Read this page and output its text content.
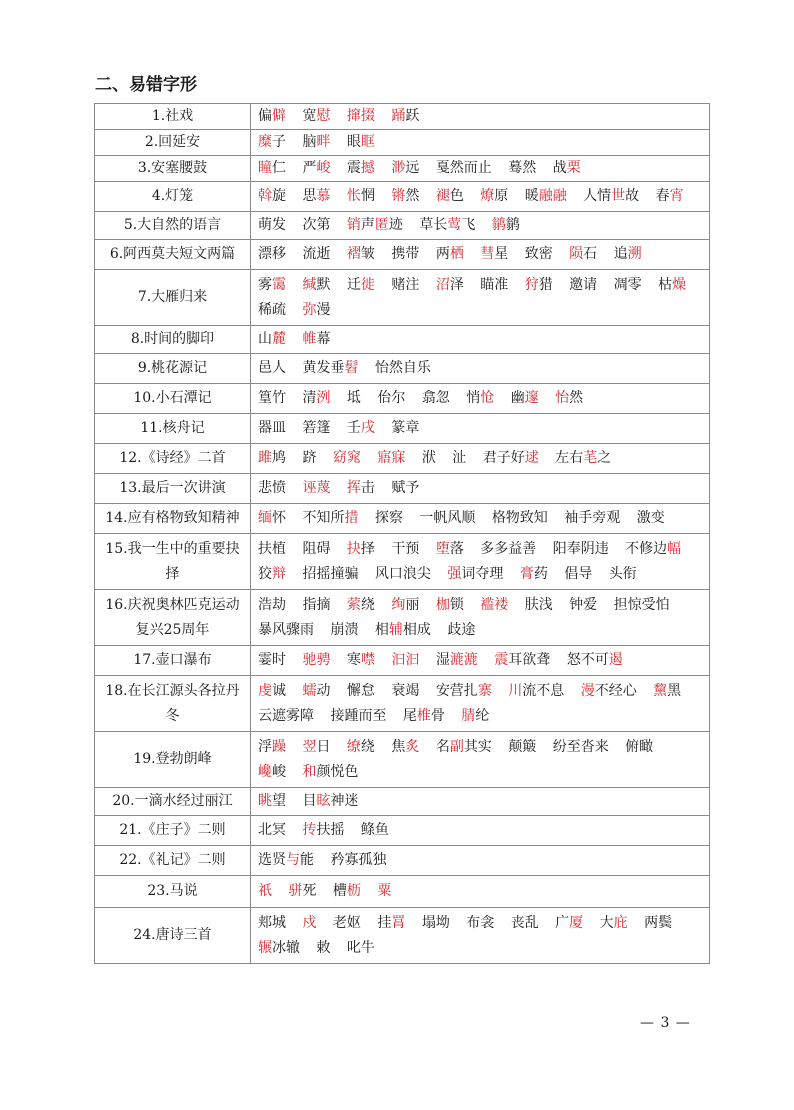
二、易错字形
1.社戏	偏僻 宽慰 撺掇 踊跃
2.回延安	糜子 脑畔 眼眶
3.安塞腰鼓	瞳仁 严峻 震撼 渺远 戛然而止 蓦然 战栗
4.灯笼	斡旋 思慕 怅惘 锵然 褪色 燎原 暖融融 人情世故 春宵
5.大自然的语言	萌发 次第 销声匿迹 草长莺飞 鹟鹟
6.阿西莫夫短文两篇	漂移 流逝 褶皱 携带 两栖 彗星 致密 陨石 追溯
7.大雁归来	雾霭 缄默 迁徙 赌注 沼泽 瞄准 狩猎 邀请 凋零 枯燥 稀疏 弥漫
8.时间的脚印	山麓 帷幕
9.桃花源记	邑人 黄发垂髫 怡然自乐
10.小石潭记	篁竹 清洌 坻 佁尔 翕忽 悄怆 幽邃 怡然
11.核舟记	器皿 箬篷 壬戌 篆章
12.《诗经》二首	雎鸠 跻 窈窕 寤寐 洑 沚 君子好逑 左右芼之
13.最后一次讲演	悲愤 诬蔑 挥击 赋予
14.应有格物致知精神	缅怀 不知所措 探察 一帆风顺 格物致知 袖手旁观 激变
15.我一生中的重要抉择	扶植 阻碍 抉择 干预 堕落 多多益善 阳奉阴违 不修边幅 狡辩 招摇撞骗 风口浪尖 强词夺理 膏药 倡导 头衔
16.庆祝奥林匹克运动复兴25周年	浩劫 指摘 萦绕 绚丽 枷锁 褴褛 肤浅 钟爱 担惊受怕 暴风骤雨 崩溃 相辅相成 歧途
17.壶口瀑布	霎时 驰骋 寒噤 汩汩 湿漉漉 震耳欲聋 怒不可遏
18.在长江源头各拉丹冬	虔诚 蠕动 懈怠 衰竭 安营扎寨 川流不息 漫不经心 黧黑 云遮雾障 接踵而至 尾椎骨 腈纶
19.登勃朗峰	浮躁 翌日 缭绕 焦炙 名副其实 颠簸 纷至沓来 俯瞰 巉峻 和颜悦色
20.一滴水经过丽江	眺望 目眩神迷
21.《庄子》二则	北冥 抟扶摇 鲦鱼
22.《礼记》二则	选贤与能 矜寡孤独
23.马说	祇 骈死 槽枥 粟
24.唐诗三首	郏城 戍 老妪 挂罥 塌坳 布衾 丧乱 广厦 大庇 两鬓 辗冰辙 敕 叱牛
— 3 —
